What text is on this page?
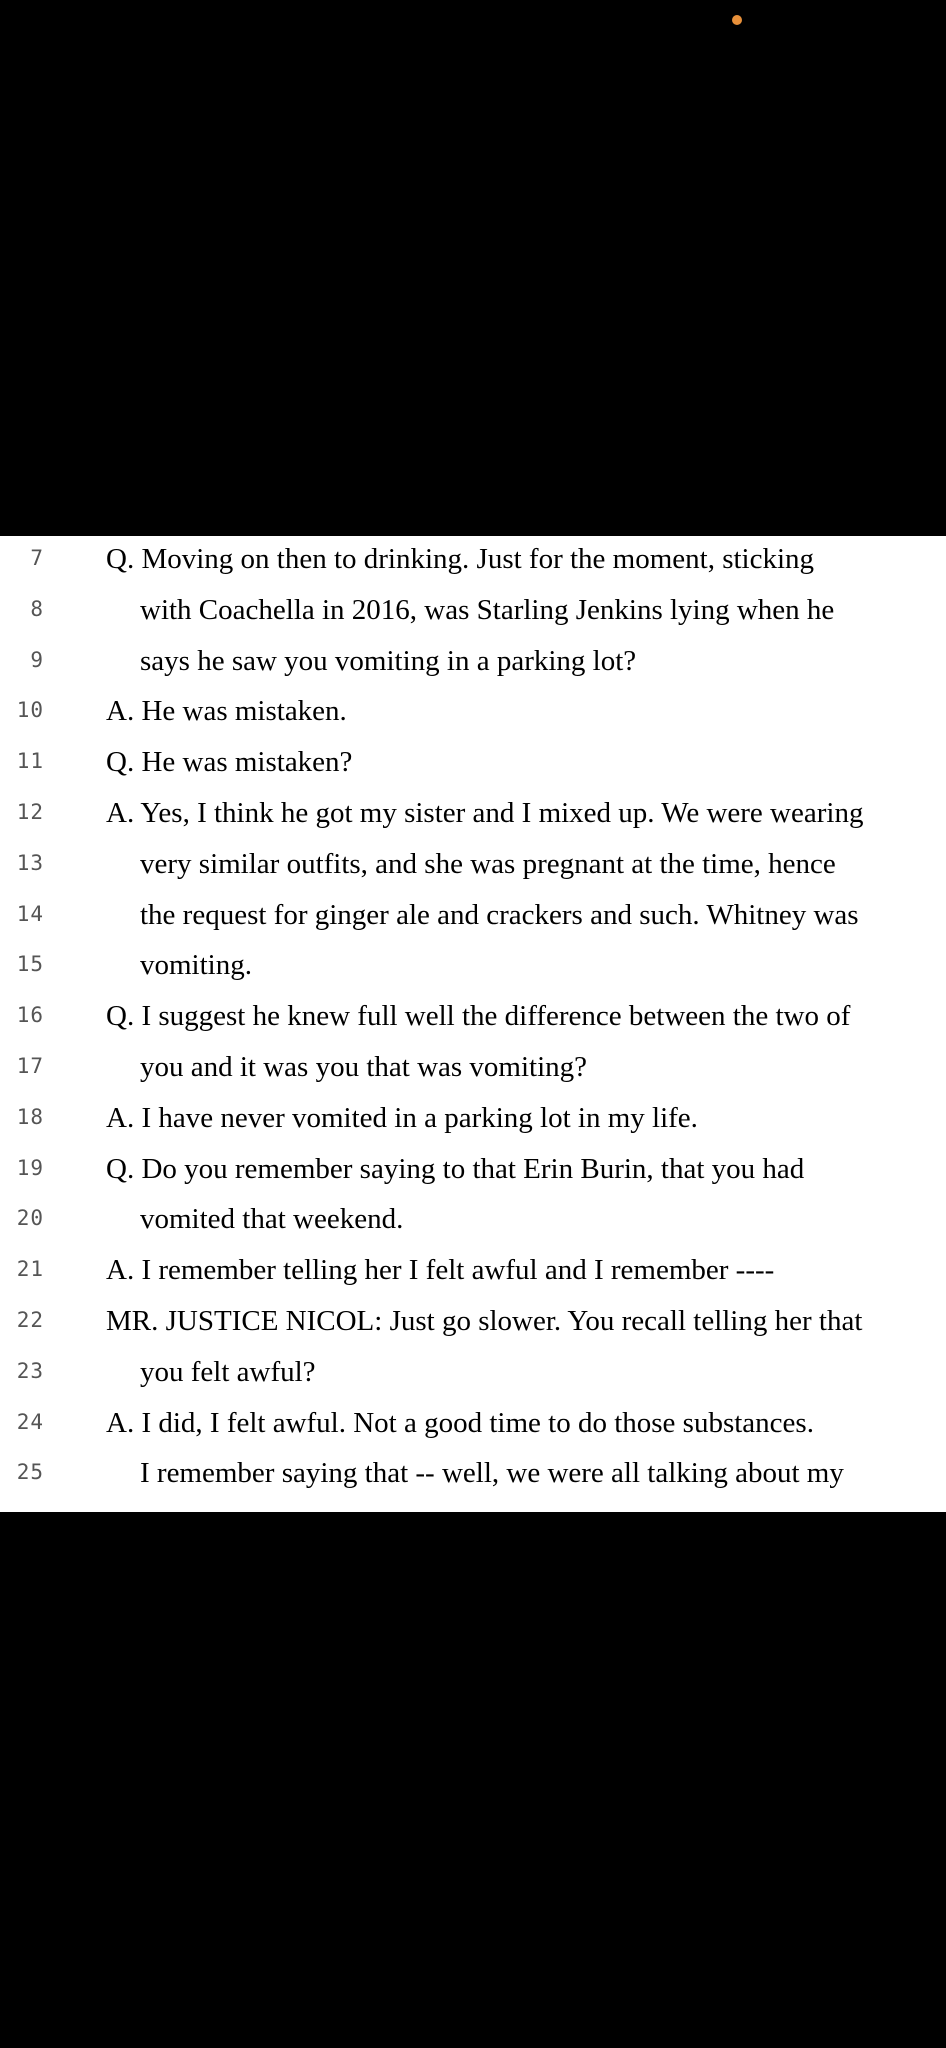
7 Q. Moving on then to drinking. Just for the moment, sticking
8	with Coachella in 2016, was Starling Jenkins lying when he
9	says he saw you vomiting in a parking lot?
10 A. He was mistaken.
11 Q. He was mistaken?
12 A. Yes, I think he got my sister and I mixed up. We were wearing
13	very similar outfits, and she was pregnant at the time, hence
14	the request for ginger ale and crackers and such. Whitney was
15	vomiting.
16 Q. I suggest he knew full well the difference between the two of
17	you and it was you that was vomiting?
18 A. I have never vomited in a parking lot in my life.
19 Q. Do you remember saying to that Erin Burin, that you had
20	vomited that weekend.
21 A. I remember telling her I felt awful and I remember ----
22 MR. JUSTICE NICOL: Just go slower. You recall telling her that
23	you felt awful?
24 A. I did, I felt awful. Not a good time to do those substances.
25	I remember saying that -- well, we were all talking about my
